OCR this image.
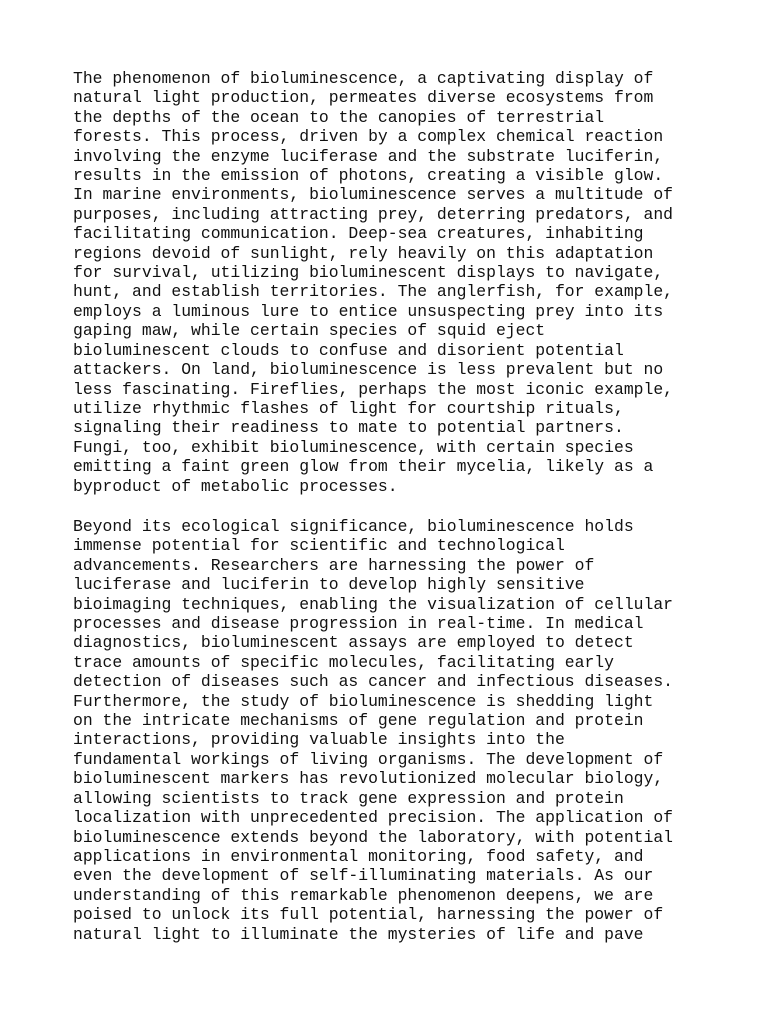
The phenomenon of bioluminescence, a captivating display of
natural light production, permeates diverse ecosystems from
the depths of the ocean to the canopies of terrestrial
forests. This process, driven by a complex chemical reaction
involving the enzyme luciferase and the substrate luciferin,
results in the emission of photons, creating a visible glow.
In marine environments, bioluminescence serves a multitude of
purposes, including attracting prey, deterring predators, and
facilitating communication. Deep-sea creatures, inhabiting
regions devoid of sunlight, rely heavily on this adaptation
for survival, utilizing bioluminescent displays to navigate,
hunt, and establish territories. The anglerfish, for example,
employs a luminous lure to entice unsuspecting prey into its
gaping maw, while certain species of squid eject
bioluminescent clouds to confuse and disorient potential
attackers. On land, bioluminescence is less prevalent but no
less fascinating. Fireflies, perhaps the most iconic example,
utilize rhythmic flashes of light for courtship rituals,
signaling their readiness to mate to potential partners.
Fungi, too, exhibit bioluminescence, with certain species
emitting a faint green glow from their mycelia, likely as a
byproduct of metabolic processes.

Beyond its ecological significance, bioluminescence holds
immense potential for scientific and technological
advancements. Researchers are harnessing the power of
luciferase and luciferin to develop highly sensitive
bioimaging techniques, enabling the visualization of cellular
processes and disease progression in real-time. In medical
diagnostics, bioluminescent assays are employed to detect
trace amounts of specific molecules, facilitating early
detection of diseases such as cancer and infectious diseases.
Furthermore, the study of bioluminescence is shedding light
on the intricate mechanisms of gene regulation and protein
interactions, providing valuable insights into the
fundamental workings of living organisms. The development of
bioluminescent markers has revolutionized molecular biology,
allowing scientists to track gene expression and protein
localization with unprecedented precision. The application of
bioluminescence extends beyond the laboratory, with potential
applications in environmental monitoring, food safety, and
even the development of self-illuminating materials. As our
understanding of this remarkable phenomenon deepens, we are
poised to unlock its full potential, harnessing the power of
natural light to illuminate the mysteries of life and pave
